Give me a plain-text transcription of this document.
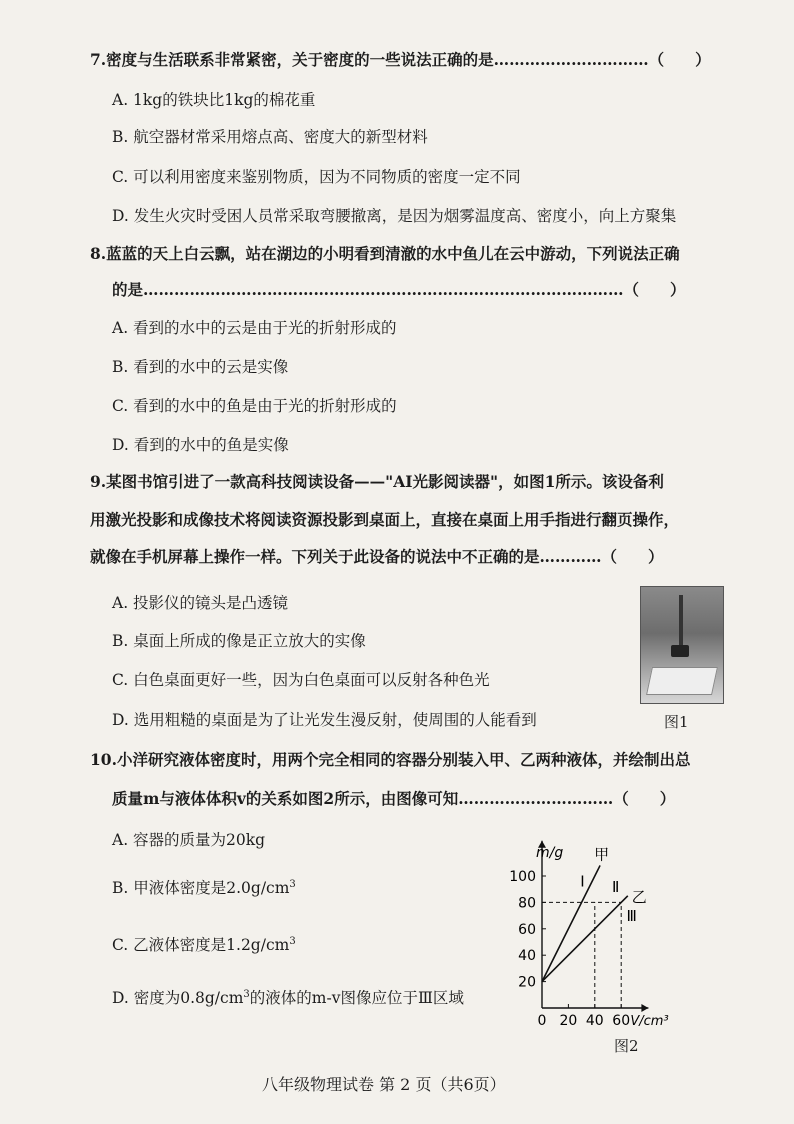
7.密度与生活联系非常紧密，关于密度的一些说法正确的是…………………………（　　）
A. 1kg的铁块比1kg的棉花重
B. 航空器材常采用熔点高、密度大的新型材料
C. 可以利用密度来鉴别物质，因为不同物质的密度一定不同
D. 发生火灾时受困人员常采取弯腰撤离，是因为烟雾温度高、密度小，向上方聚集
8.蓝蓝的天上白云飘，站在湖边的小明看到清澈的水中鱼儿在云中游动，下列说法正确
的是…………………………………………………………………………………（　　）
A. 看到的水中的云是由于光的折射形成的
B. 看到的水中的云是实像
C. 看到的水中的鱼是由于光的折射形成的
D. 看到的水中的鱼是实像
9.某图书馆引进了一款高科技阅读设备——"AI光影阅读器"，如图1所示。该设备利
用激光投影和成像技术将阅读资源投影到桌面上，直接在桌面上用手指进行翻页操作，
就像在手机屏幕上操作一样。下列关于此设备的说法中不正确的是…………（　　）
A. 投影仪的镜头是凸透镜
B. 桌面上所成的像是正立放大的实像
C. 白色桌面更好一些，因为白色桌面可以反射各种色光
D. 选用粗糙的桌面是为了让光发生漫反射，使周围的人能看到	图1
10.小洋研究液体密度时，用两个完全相同的容器分别装入甲、乙两种液体，并绘制出总
质量m与液体体积v的关系如图2所示，由图像可知…………………………（　　）
A. 容器的质量为20kg
B. 甲液体密度是$2.0g/cm^3$
C. 乙液体密度是$1.2g/cm^3$
D. 密度为$0.8g/cm^3$的液体的m-v图像应位于Ⅲ区域
0 20 40 60
20
40
60
80
100
m/g
V/cm³
甲
乙
Ⅰ Ⅱ
Ⅲ
图2
八年级物理试卷 第 2 页（共6页）
